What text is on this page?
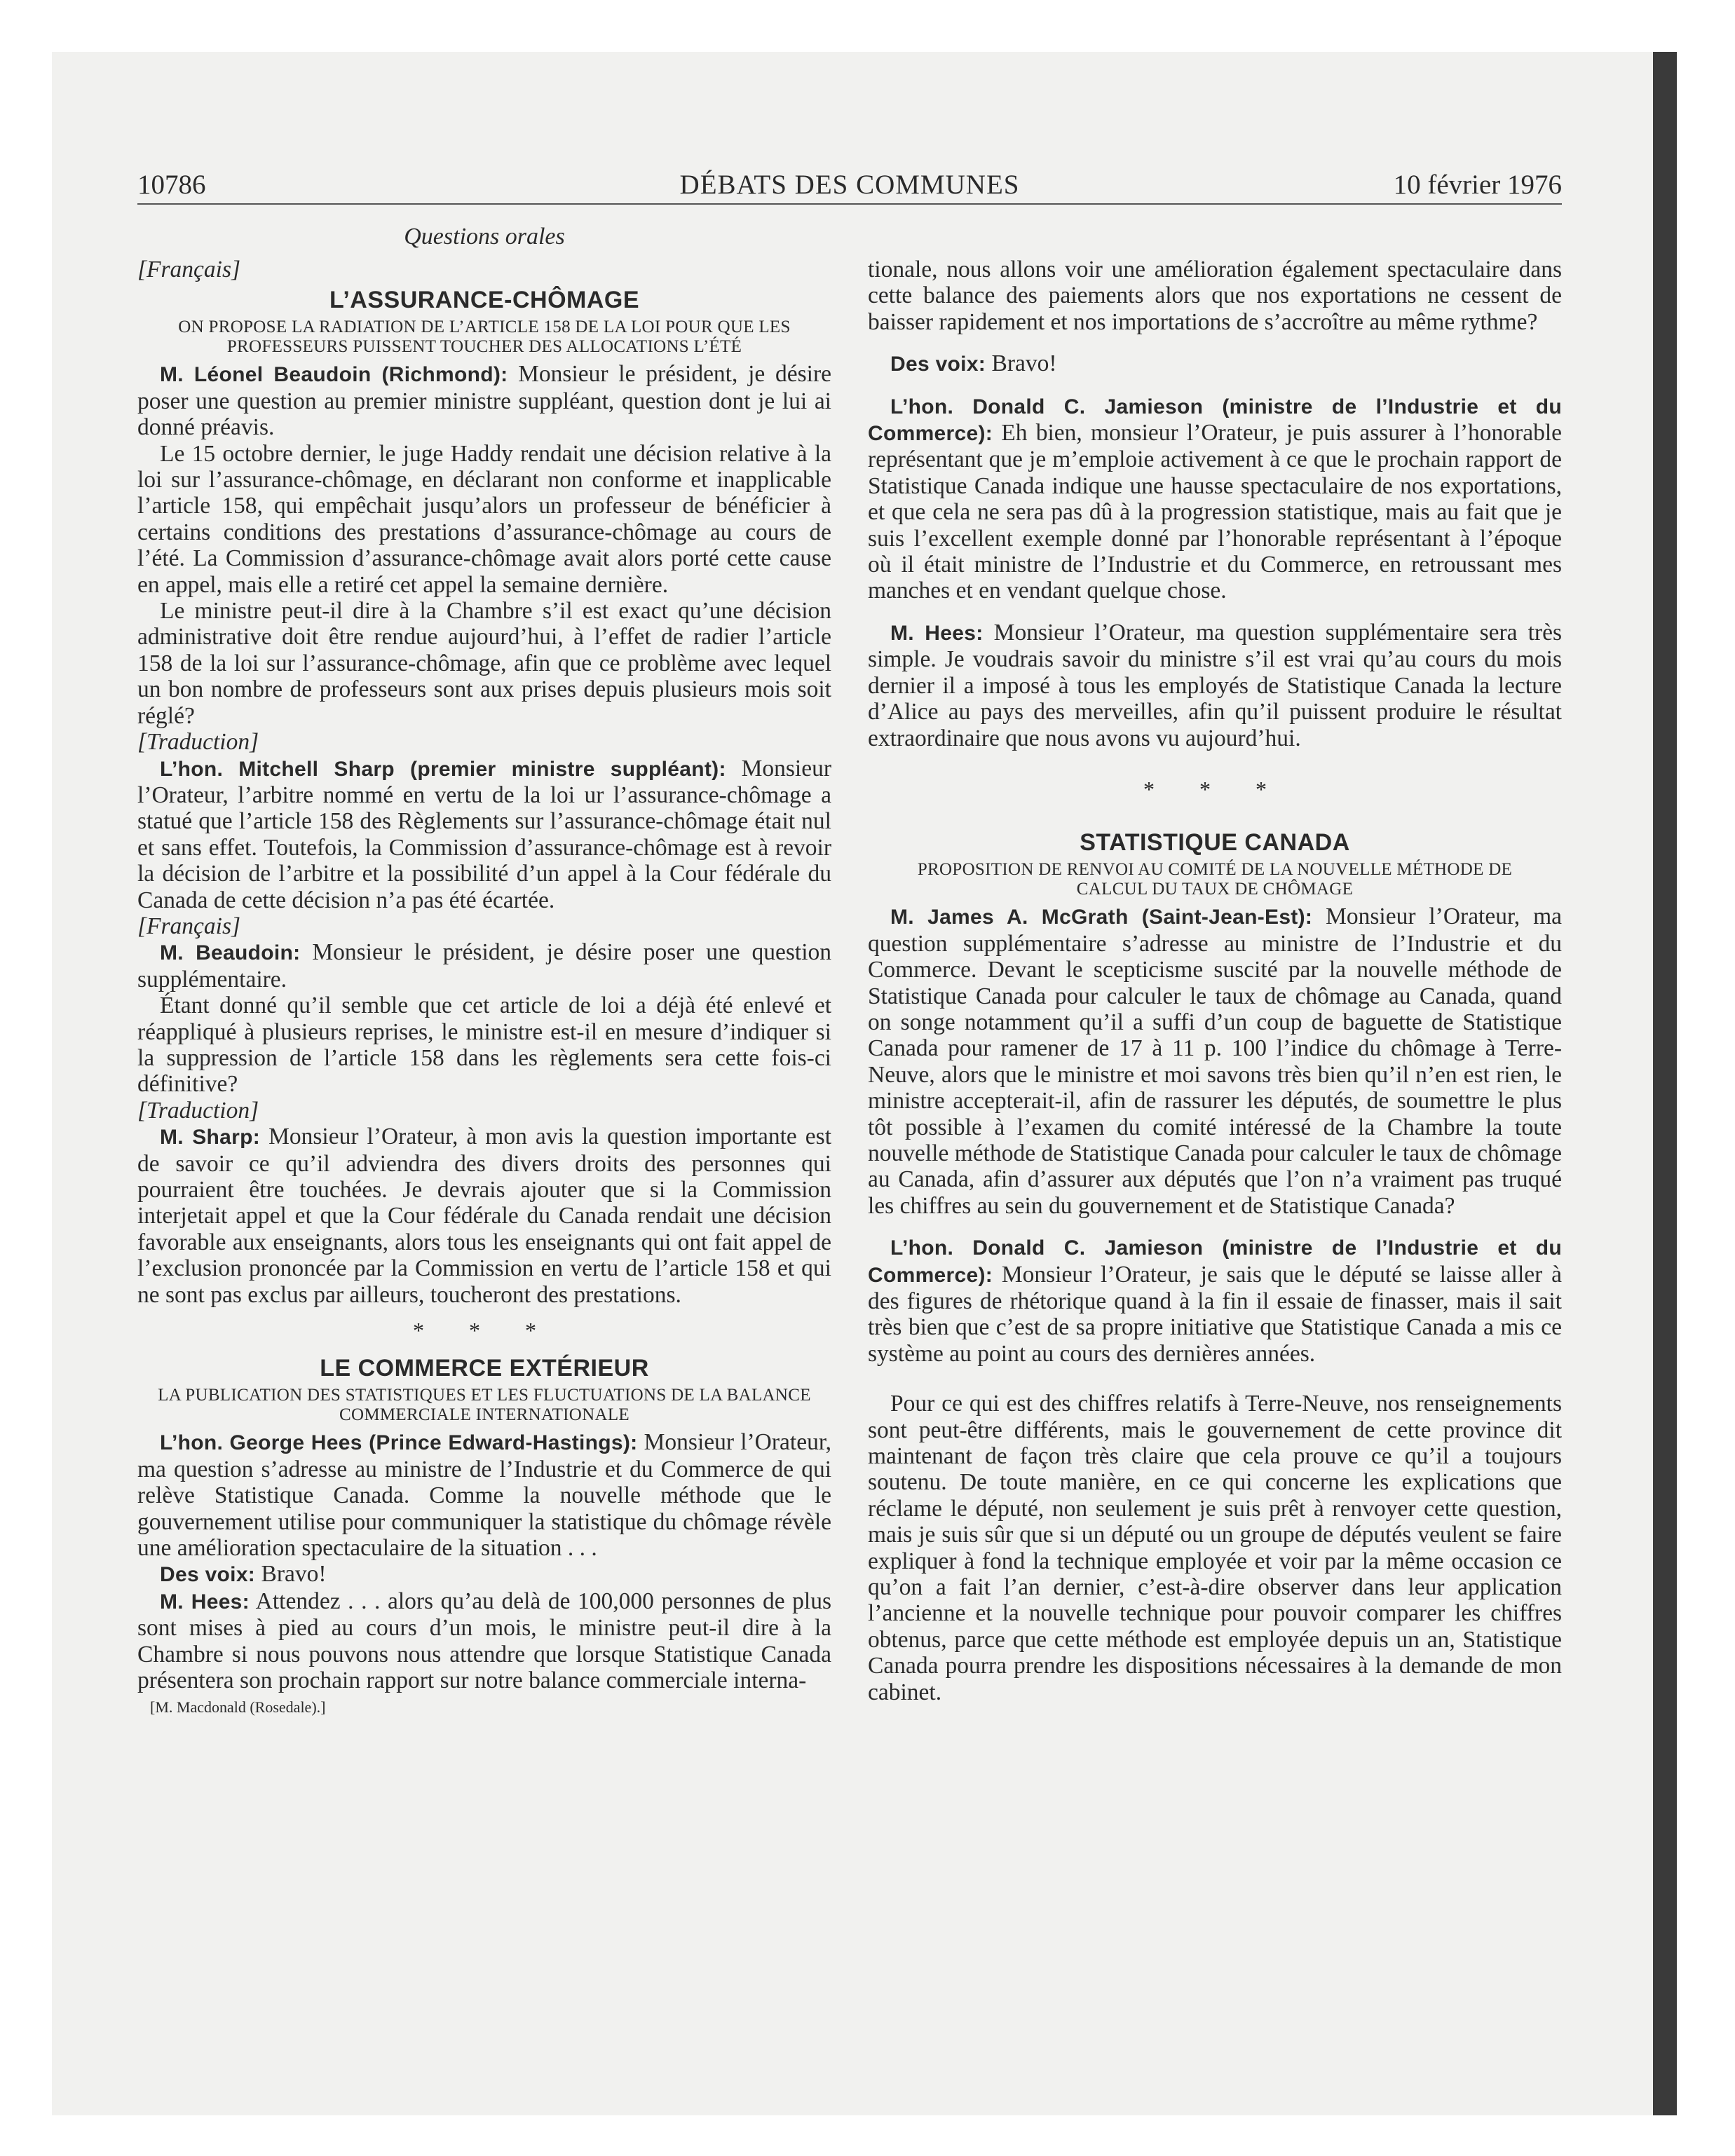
10786	DÉBATS DES COMMUNES	10 février 1976
Questions orales

[Français]

L’ASSURANCE-CHÔMAGE
ON PROPOSE LA RADIATION DE L’ARTICLE 158 DE LA LOI POUR QUE LES PROFESSEURS PUISSENT TOUCHER DES ALLOCATIONS L’ÉTÉ

M. Léonel Beaudoin (Richmond): Monsieur le président, je désire poser une question au premier ministre suppléant, question dont je lui ai donné préavis.

Le 15 octobre dernier, le juge Haddy rendait une décision relative à la loi sur l’assurance-chômage, en déclarant non conforme et inapplicable l’article 158, qui empêchait jusqu’alors un professeur de bénéficier à certains conditions des prestations d’assurance-chômage au cours de l’été. La Commission d’assurance-chômage avait alors porté cette cause en appel, mais elle a retiré cet appel la semaine dernière.

Le ministre peut-il dire à la Chambre s’il est exact qu’une décision administrative doit être rendue aujourd’hui, à l’effet de radier l’article 158 de la loi sur l’assurance-chômage, afin que ce problème avec lequel un bon nombre de professeurs sont aux prises depuis plusieurs mois soit réglé?

[Traduction]

L’hon. Mitchell Sharp (premier ministre suppléant): Monsieur l’Orateur, l’arbitre nommé en vertu de la loi ur l’assurance-chômage a statué que l’article 158 des Règlements sur l’assurance-chômage était nul et sans effet. Toutefois, la Commission d’assurance-chômage est à revoir la décision de l’arbitre et la possibilité d’un appel à la Cour fédérale du Canada de cette décision n’a pas été écartée.

[Français]

M. Beaudoin: Monsieur le président, je désire poser une question supplémentaire.

Étant donné qu’il semble que cet article de loi a déjà été enlevé et réappliqué à plusieurs reprises, le ministre est-il en mesure d’indiquer si la suppression de l’article 158 dans les règlements sera cette fois-ci définitive?

[Traduction]

M. Sharp: Monsieur l’Orateur, à mon avis la question importante est de savoir ce qu’il adviendra des divers droits des personnes qui pourraient être touchées. Je devrais ajouter que si la Commission interjetait appel et que la Cour fédérale du Canada rendait une décision favorable aux enseignants, alors tous les enseignants qui ont fait appel de l’exclusion prononcée par la Commission en vertu de l’article 158 et qui ne sont pas exclus par ailleurs, toucheront des prestations.

* * *
LE COMMERCE EXTÉRIEUR
LA PUBLICATION DES STATISTIQUES ET LES FLUCTUATIONS DE LA BALANCE COMMERCIALE INTERNATIONALE

L’hon. George Hees (Prince Edward-Hastings): Monsieur l’Orateur, ma question s’adresse au ministre de l’Industrie et du Commerce de qui relève Statistique Canada. Comme la nouvelle méthode que le gouvernement utilise pour communiquer la statistique du chômage révèle une amélioration spectaculaire de la situation . . .

Des voix: Bravo!

M. Hees: Attendez . . . alors qu’au delà de 100,000 personnes de plus sont mises à pied au cours d’un mois, le ministre peut-il dire à la Chambre si nous pouvons nous attendre que lorsque Statistique Canada présentera son prochain rapport sur notre balance commerciale interna-

[M. Macdonald (Rosedale).]

tionale, nous allons voir une amélioration également spectaculaire dans cette balance des paiements alors que nos exportations ne cessent de baisser rapidement et nos importations de s’accroître au même rythme?

Des voix: Bravo!

L’hon. Donald C. Jamieson (ministre de l’Industrie et du Commerce): Eh bien, monsieur l’Orateur, je puis assurer à l’honorable représentant que je m’emploie activement à ce que le prochain rapport de Statistique Canada indique une hausse spectaculaire de nos exportations, et que cela ne sera pas dû à la progression statistique, mais au fait que je suis l’excellent exemple donné par l’honorable représentant à l’époque où il était ministre de l’Industrie et du Commerce, en retroussant mes manches et en vendant quelque chose.

M. Hees: Monsieur l’Orateur, ma question supplémentaire sera très simple. Je voudrais savoir du ministre s’il est vrai qu’au cours du mois dernier il a imposé à tous les employés de Statistique Canada la lecture d’Alice au pays des merveilles, afin qu’il puissent produire le résultat extraordinaire que nous avons vu aujourd’hui.

* * *
STATISTIQUE CANADA
PROPOSITION DE RENVOI AU COMITÉ DE LA NOUVELLE MÉTHODE DE CALCUL DU TAUX DE CHÔMAGE

M. James A. McGrath (Saint-Jean-Est): Monsieur l’Orateur, ma question supplémentaire s’adresse au ministre de l’Industrie et du Commerce. Devant le scepticisme suscité par la nouvelle méthode de Statistique Canada pour calculer le taux de chômage au Canada, quand on songe notamment qu’il a suffi d’un coup de baguette de Statistique Canada pour ramener de 17 à 11 p. 100 l’indice du chômage à Terre-Neuve, alors que le ministre et moi savons très bien qu’il n’en est rien, le ministre accepterait-il, afin de rassurer les députés, de soumettre le plus tôt possible à l’examen du comité intéressé de la Chambre la toute nouvelle méthode de Statistique Canada pour calculer le taux de chômage au Canada, afin d’assurer aux députés que l’on n’a vraiment pas truqué les chiffres au sein du gouvernement et de Statistique Canada?

L’hon. Donald C. Jamieson (ministre de l’Industrie et du Commerce): Monsieur l’Orateur, je sais que le député se laisse aller à des figures de rhétorique quand à la fin il essaie de finasser, mais il sait très bien que c’est de sa propre initiative que Statistique Canada a mis ce système au point au cours des dernières années.

Pour ce qui est des chiffres relatifs à Terre-Neuve, nos renseignements sont peut-être différents, mais le gouvernement de cette province dit maintenant de façon très claire que cela prouve ce qu’il a toujours soutenu. De toute manière, en ce qui concerne les explications que réclame le député, non seulement je suis prêt à renvoyer cette question, mais je suis sûr que si un député ou un groupe de députés veulent se faire expliquer à fond la technique employée et voir par la même occasion ce qu’on a fait l’an dernier, c’est-à-dire observer dans leur application l’ancienne et la nouvelle technique pour pouvoir comparer les chiffres obtenus, parce que cette méthode est employée depuis un an, Statistique Canada pourra prendre les dispositions nécessaires à la demande de mon cabinet.
